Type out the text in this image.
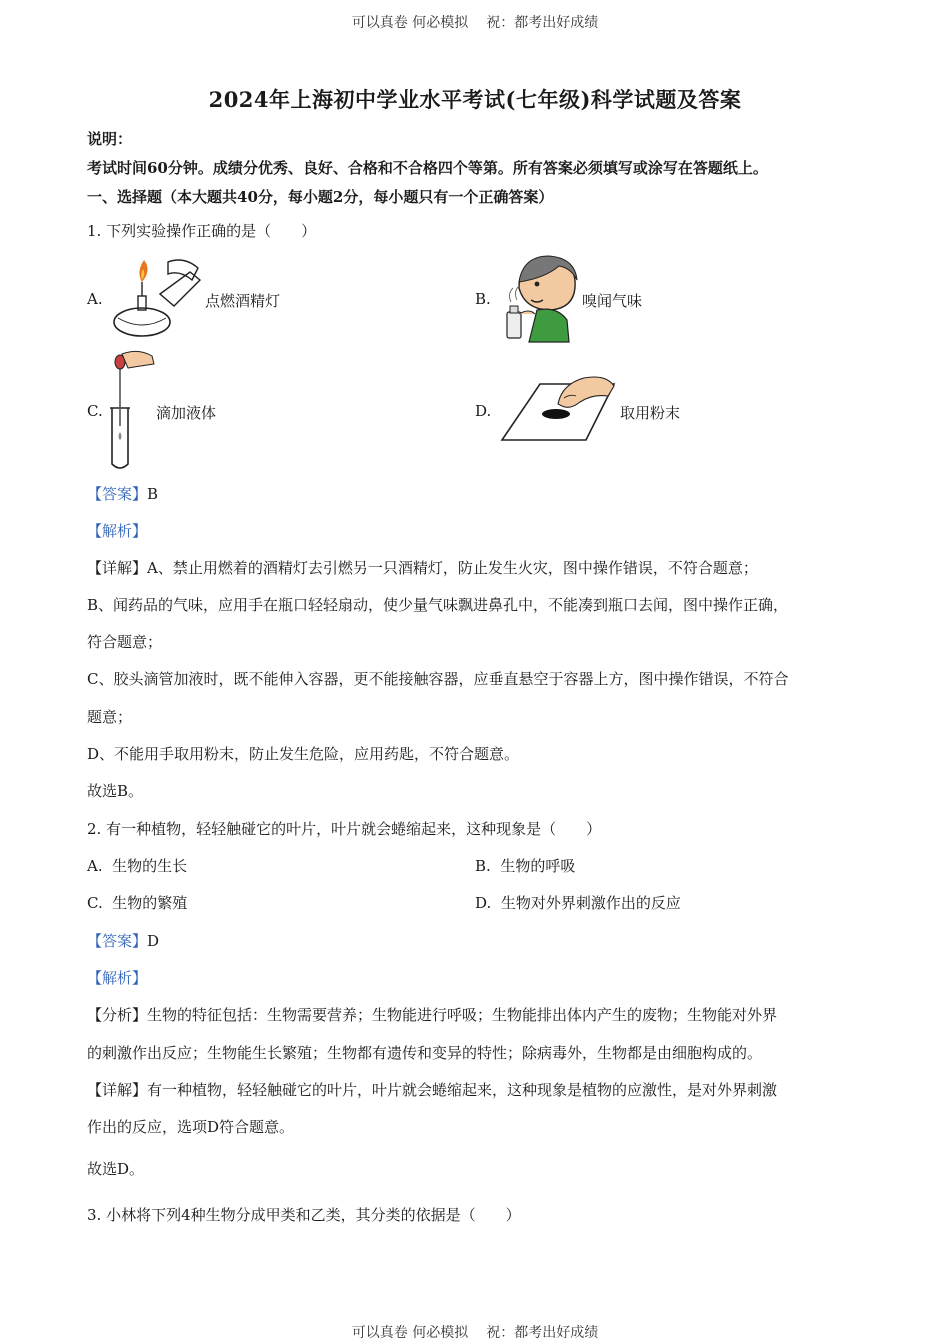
可以真卷 何必模拟 祝：都考出好成绩
2024年上海初中学业水平考试(七年级)科学试题及答案
说明：
考试时间60分钟。成绩分优秀、良好、合格和不合格四个等第。所有答案必须填写或涂写在答题纸上。
一、选择题（本大题共40分，每小题2分，每小题只有一个正确答案）
1. 下列实验操作正确的是（　　）
A.	点燃酒精灯	B.	嗅闻气味
C.	滴加液体	D.	取用粉末
【答案】B
【解析】
【详解】A、禁止用燃着的酒精灯去引燃另一只酒精灯，防止发生火灾，图中操作错误，不符合题意；
B、闻药品的气味，应用手在瓶口轻轻扇动，使少量气味飘进鼻孔中，不能凑到瓶口去闻，图中操作正确，
符合题意；
C、胶头滴管加液时，既不能伸入容器，更不能接触容器，应垂直悬空于容器上方，图中操作错误，不符合
题意；
D、不能用手取用粉末，防止发生危险，应用药匙，不符合题意。
故选B。
2. 有一种植物，轻轻触碰它的叶片，叶片就会蜷缩起来，这种现象是（　　）
A. 生物的生长	B. 生物的呼吸
C. 生物的繁殖	D. 生物对外界刺激作出的反应
【答案】D
【解析】
【分析】生物的特征包括：生物需要营养；生物能进行呼吸；生物能排出体内产生的废物；生物能对外界
的刺激作出反应；生物能生长繁殖；生物都有遗传和变异的特性；除病毒外，生物都是由细胞构成的。
【详解】有一种植物，轻轻触碰它的叶片，叶片就会蜷缩起来，这种现象是植物的应激性，是对外界刺激
作出的反应，选项D符合题意。
故选D。
3. 小林将下列4种生物分成甲类和乙类，其分类的依据是（　　）
可以真卷 何必模拟 祝：都考出好成绩
